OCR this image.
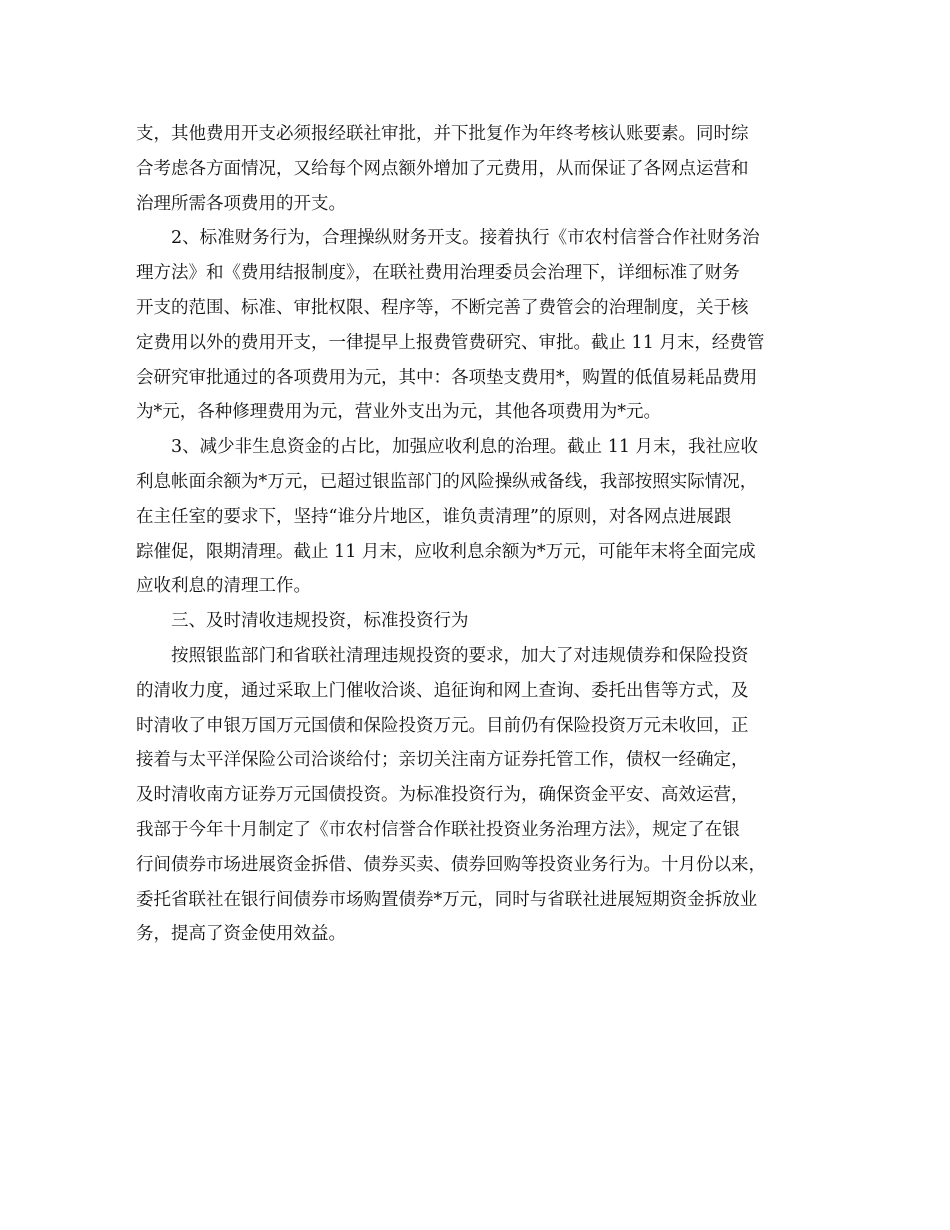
支，其他费用开支必须报经联社审批，并下批复作为年终考核认账要素。同时综
合考虑各方面情况，又给每个网点额外增加了元费用，从而保证了各网点运营和
治理所需各项费用的开支。
2、标准财务行为，合理操纵财务开支。接着执行《市农村信誉合作社财务治
理方法》和《费用结报制度》，在联社费用治理委员会治理下，详细标准了财务
开支的范围、标准、审批权限、程序等，不断完善了费管会的治理制度，关于核
定费用以外的费用开支，一律提早上报费管费研究、审批。截止 11 月末，经费管
会研究审批通过的各项费用为元，其中：各项垫支费用*，购置的低值易耗品费用
为*元，各种修理费用为元，营业外支出为元，其他各项费用为*元。
3、减少非生息资金的占比，加强应收利息的治理。截止 11 月末，我社应收
利息帐面余额为*万元，已超过银监部门的风险操纵戒备线，我部按照实际情况，
在主任室的要求下，坚持“谁分片地区，谁负责清理”的原则，对各网点进展跟
踪催促，限期清理。截止 11 月末，应收利息余额为*万元，可能年末将全面完成
应收利息的清理工作。
三、及时清收违规投资，标准投资行为
按照银监部门和省联社清理违规投资的要求，加大了对违规债券和保险投资
的清收力度，通过采取上门催收洽谈、追征询和网上查询、委托出售等方式，及
时清收了申银万国万元国债和保险投资万元。目前仍有保险投资万元未收回，正
接着与太平洋保险公司洽谈给付；亲切关注南方证券托管工作，债权一经确定，
及时清收南方证券万元国债投资。为标准投资行为，确保资金平安、高效运营，
我部于今年十月制定了《市农村信誉合作联社投资业务治理方法》，规定了在银
行间债券市场进展资金拆借、债券买卖、债券回购等投资业务行为。十月份以来，
委托省联社在银行间债券市场购置债券*万元，同时与省联社进展短期资金拆放业
务，提高了资金使用效益。
